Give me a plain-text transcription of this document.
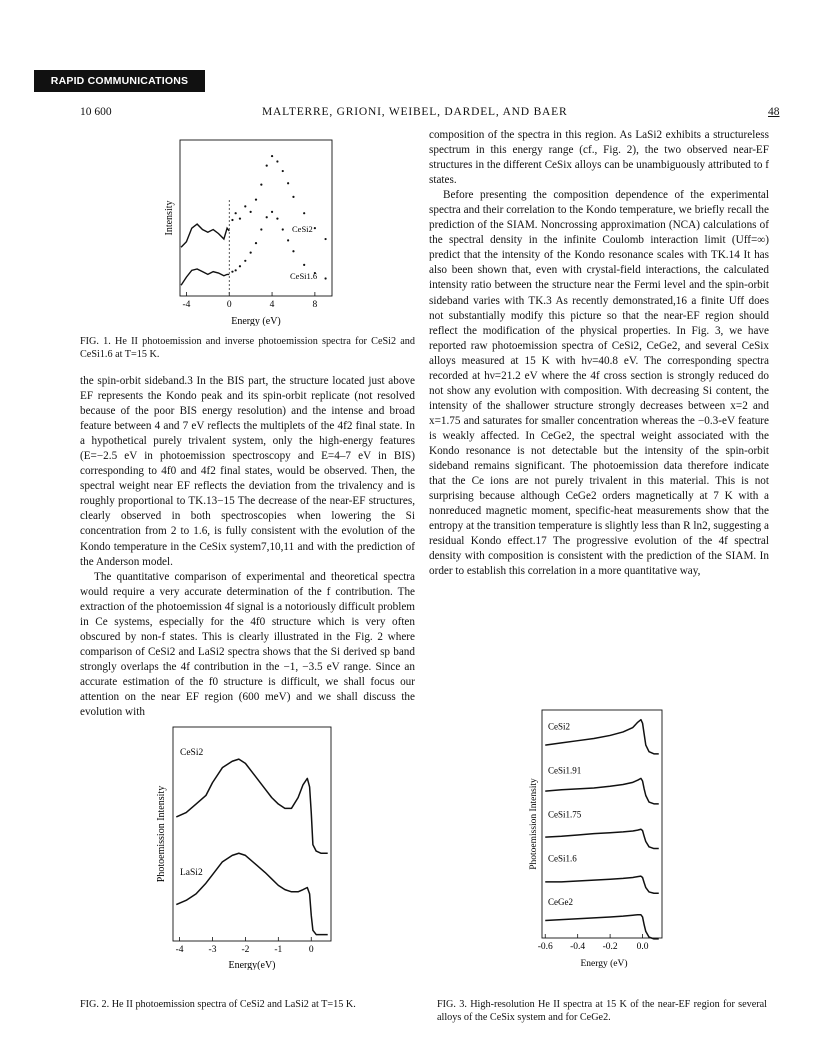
RAPID COMMUNICATIONS
10 600	MALTERRE, GRIONI, WEIBEL, DARDEL, AND BAER	48
Intensity
Energy (eV)
-4	0	4	8
CeSi2
CeSi1.6
FIG. 1. He II photoemission and inverse photoemission spectra for CeSi2 and CeSi1.6 at T=15 K.

the spin-orbit sideband.3 In the BIS part, the structure located just above EF represents the Kondo peak and its spin-orbit replicate (not resolved because of the poor BIS energy resolution) and the intense and broad feature between 4 and 7 eV reflects the multiplets of the 4f2 final state. In a hypothetical purely trivalent system, only the high-energy features (E=−2.5 eV in photoemission spectroscopy and E=4–7 eV in BIS) corresponding to 4f0 and 4f2 final states, would be observed. Then, the spectral weight near EF reflects the deviation from the trivalency and is roughly proportional to TK.13−15 The decrease of the near-EF structures, clearly observed in both spectroscopies when lowering the Si concentration from 2 to 1.6, is fully consistent with the evolution of the Kondo temperature in the CeSix system7,10,11 and with the prediction of the Anderson model.

The quantitative comparison of experimental and theoretical spectra would require a very accurate determination of the f contribution. The extraction of the photoemission 4f signal is a notoriously difficult problem in Ce systems, especially for the 4f0 structure which is very often obscured by non-f states. This is clearly illustrated in the Fig. 2 where comparison of CeSi2 and LaSi2 spectra shows that the Si derived sp band strongly overlaps the 4f contribution in the −1, −3.5 eV range. Since an accurate estimation of the f0 structure is difficult, we shall focus our attention on the near EF region (600 meV) and we shall discuss the evolution with

Photoemission Intensity
Energy(eV)
-4	-3	-2	-1	0
CeSi2
LaSi2
FIG. 2. He II photoemission spectra of CeSi2 and LaSi2 at T=15 K.

composition of the spectra in this region. As LaSi2 exhibits a structureless spectrum in this energy range (cf., Fig. 2), the two observed near-EF structures in the different CeSix alloys can be unambiguously attributed to f states.

Before presenting the composition dependence of the experimental spectra and their correlation to the Kondo temperature, we briefly recall the prediction of the SIAM. Noncrossing approximation (NCA) calculations of the spectral density in the infinite Coulomb interaction limit (Uff=∞) predict that the intensity of the Kondo resonance scales with TK.14 It has also been shown that, even with crystal-field interactions, the calculated intensity ratio between the structure near the Fermi level and the spin-orbit sideband varies with TK.3 As recently demonstrated,16 a finite Uff does not substantially modify this picture so that the near-EF region should reflect the modification of the physical properties. In Fig. 3, we have reported raw photoemission spectra of CeSi2, CeGe2, and several CeSix alloys measured at 15 K with hν=40.8 eV. The corresponding spectra recorded at hν=21.2 eV where the 4f cross section is strongly reduced do not show any evolution with composition. With decreasing Si content, the intensity of the shallower structure strongly decreases between x=2 and x=1.75 and saturates for smaller concentration whereas the −0.3-eV feature is weakly affected. In CeGe2, the spectral weight associated with the Kondo resonance is not detectable but the intensity of the spin-orbit sideband remains significant. The photoemission data therefore indicate that the Ce ions are not purely trivalent in this material. This is not surprising because although CeGe2 orders magnetically at 7 K with a nonreduced magnetic moment, specific-heat measurements show that the entropy at the transition temperature is slightly less than R ln2, suggesting a residual Kondo effect.17 The progressive evolution of the 4f spectral density with composition is consistent with the prediction of the SIAM. In order to establish this correlation in a more quantitative way,

Photoemission Intensity
Energy (eV)
-0.6 -0.4 -0.2 0.0
CeSi2
CeSi1.91
CeSi1.75
CeSi1.6
CeGe2
FIG. 3. High-resolution He II spectra at 15 K of the near-EF region for several alloys of the CeSix system and for CeGe2.
